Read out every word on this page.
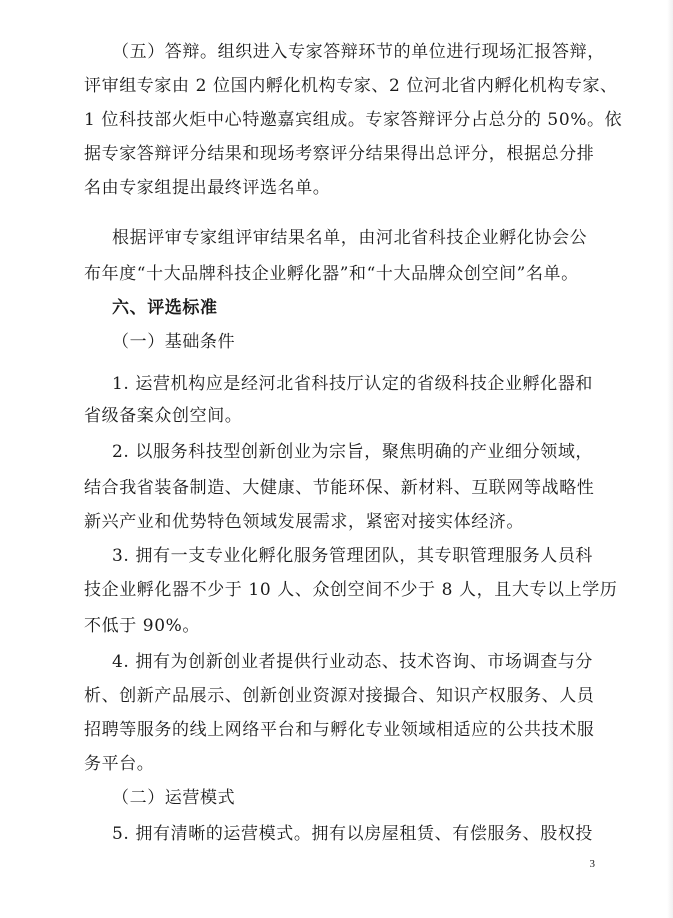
（五）答辩。组织进入专家答辩环节的单位进行现场汇报答辩，
评审组专家由 2 位国内孵化机构专家、2 位河北省内孵化机构专家、
1 位科技部火炬中心特邀嘉宾组成。专家答辩评分占总分的 50%。依
据专家答辩评分结果和现场考察评分结果得出总评分，根据总分排
名由专家组提出最终评选名单。
根据评审专家组评审结果名单，由河北省科技企业孵化协会公
布年度“十大品牌科技企业孵化器”和“十大品牌众创空间”名单。
六、评选标准
（一）基础条件
1. 运营机构应是经河北省科技厅认定的省级科技企业孵化器和
省级备案众创空间。
2. 以服务科技型创新创业为宗旨，聚焦明确的产业细分领域，
结合我省装备制造、大健康、节能环保、新材料、互联网等战略性
新兴产业和优势特色领域发展需求，紧密对接实体经济。
3. 拥有一支专业化孵化服务管理团队，其专职管理服务人员科
技企业孵化器不少于 10 人、众创空间不少于 8 人，且大专以上学历
不低于 90%。
4. 拥有为创新创业者提供行业动态、技术咨询、市场调查与分
析、创新产品展示、创新创业资源对接撮合、知识产权服务、人员
招聘等服务的线上网络平台和与孵化专业领域相适应的公共技术服
务平台。
（二）运营模式
5. 拥有清晰的运营模式。拥有以房屋租赁、有偿服务、股权投
3
